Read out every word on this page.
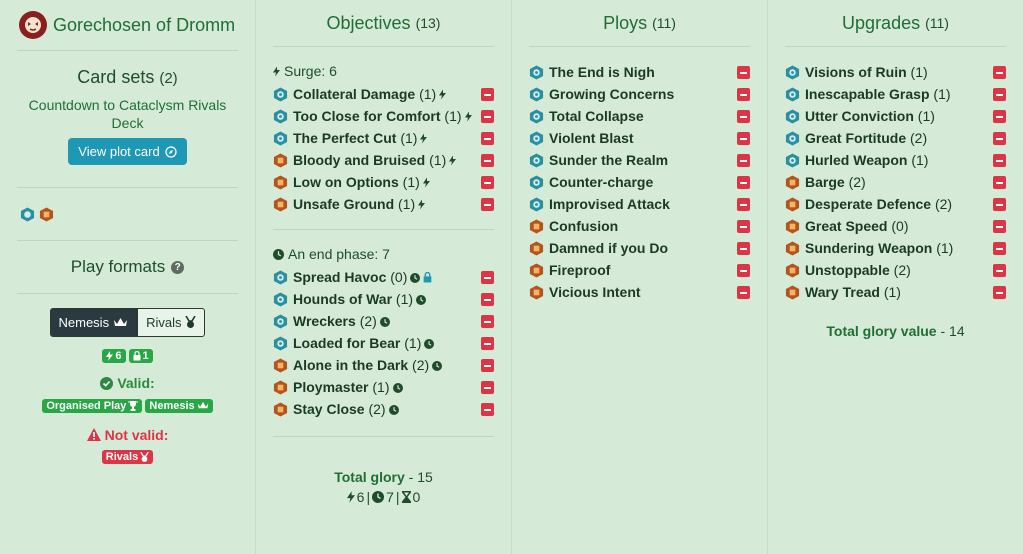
Gorechosen of Dromm
Card sets (2)
Countdown to Cataclysm Rivals Deck
View plot card
Play formats ?
Nemesis	Rivals
6 1
Valid:
Organised Play Nemesis
Not valid:
Rivals
Objectives (13)
Surge: 6
Collateral Damage (1)
Too Close for Comfort (1)
The Perfect Cut (1)
Bloody and Bruised (1)
Low on Options (1)
Unsafe Ground (1)
An end phase: 7
Spread Havoc (0)
Hounds of War (1)
Wreckers (2)
Loaded for Bear (1)
Alone in the Dark (2)
Ploymaster (1)
Stay Close (2)
Total glory - 15
6 | 7 | 0
Ploys (11)
The End is Nigh
Growing Concerns
Total Collapse
Violent Blast
Sunder the Realm
Counter-charge
Improvised Attack
Confusion
Damned if you Do
Fireproof
Vicious Intent
Upgrades (11)
Visions of Ruin (1)
Inescapable Grasp (1)
Utter Conviction (1)
Great Fortitude (2)
Hurled Weapon (1)
Barge (2)
Desperate Defence (2)
Great Speed (0)
Sundering Weapon (1)
Unstoppable (2)
Wary Tread (1)
Total glory value - 14
